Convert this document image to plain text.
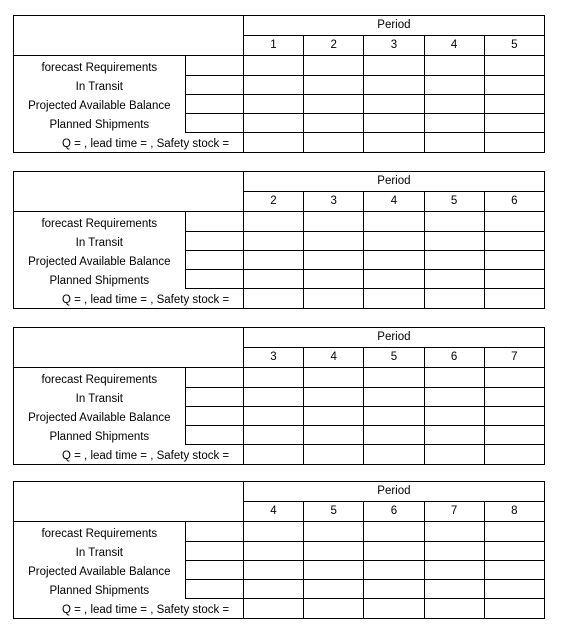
				Period		
		1	2	3	4	5
forecast Requirements						
In Transit						
Projected Available Balance						
Planned Shipments						
Q = , lead time = , Safety stock =						
				Period		
		2	3	4	5	6
forecast Requirements						
In Transit						
Projected Available Balance						
Planned Shipments						
Q = , lead time = , Safety stock =						
				Period		
		3	4	5	6	7
forecast Requirements						
In Transit						
Projected Available Balance						
Planned Shipments						
Q = , lead time = , Safety stock =						
				Period		
		4	5	6	7	8
forecast Requirements						
In Transit						
Projected Available Balance						
Planned Shipments						
Q = , lead time = , Safety stock =						
